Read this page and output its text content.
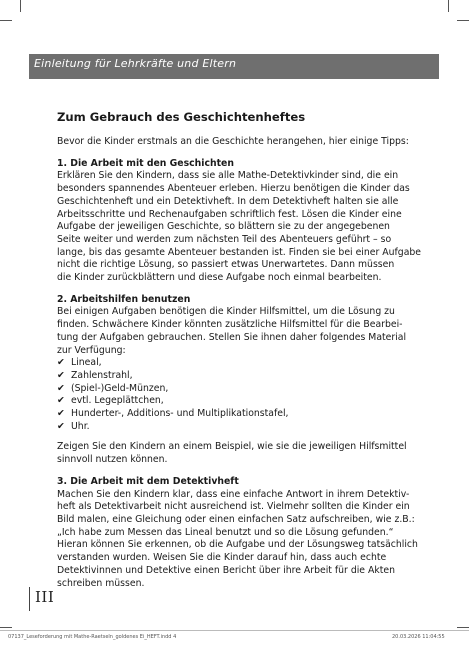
Einleitung für Lehrkräfte und Eltern
Zum Gebrauch des Geschichtenheftes

Bevor die Kinder erstmals an die Geschichte herangehen, hier einige Tipps:

1. Die Arbeit mit den Geschichten

Erklären Sie den Kindern, dass sie alle Mathe-Detektivkinder sind, die ein
besonders spannendes Abenteuer erleben. Hierzu benötigen die Kinder das
Geschichtenheft und ein Detektivheft. In dem Detektivheft halten sie alle
Arbeitsschritte und Rechenaufgaben schriftlich fest. Lösen die Kinder eine
Aufgabe der jeweiligen Geschichte, so blättern sie zu der angegebenen
Seite weiter und werden zum nächsten Teil des Abenteuers geführt – so
lange, bis das gesamte Abenteuer bestanden ist. Finden sie bei einer Aufgabe
nicht die richtige Lösung, so passiert etwas Unerwartetes. Dann müssen
die Kinder zurückblättern und diese Aufgabe noch einmal bearbeiten.

2. Arbeitshilfen benutzen

Bei einigen Aufgaben benötigen die Kinder Hilfsmittel, um die Lösung zu
finden. Schwächere Kinder könnten zusätzliche Hilfsmittel für die Bearbei-
tung der Aufgaben gebrauchen. Stellen Sie ihnen daher folgendes Material
zur Verfügung:

✔ Lineal,
✔ Zahlenstrahl,
✔ (Spiel-)Geld-Münzen,
✔ evtl. Legeplättchen,
✔ Hunderter-, Additions- und Multiplikationstafel,
✔ Uhr.

Zeigen Sie den Kindern an einem Beispiel, wie sie die jeweiligen Hilfsmittel
sinnvoll nutzen können.

3. Die Arbeit mit dem Detektivheft

Machen Sie den Kindern klar, dass eine einfache Antwort in ihrem Detektiv-
heft als Detektivarbeit nicht ausreichend ist. Vielmehr sollten die Kinder ein
Bild malen, eine Gleichung oder einen einfachen Satz aufschreiben, wie z.B.:
„Ich habe zum Messen das Lineal benutzt und so die Lösung gefunden.“
Hieran können Sie erkennen, ob die Aufgabe und der Lösungsweg tatsächlich
verstanden wurden. Weisen Sie die Kinder darauf hin, dass auch echte
Detektivinnen und Detektive einen Bericht über ihre Arbeit für die Akten
schreiben müssen.

III
07137_Leseforderung mit Mathe-Raetseln_goldenes Ei_HEFT.indd 4	20.03.2026 11:04:55
